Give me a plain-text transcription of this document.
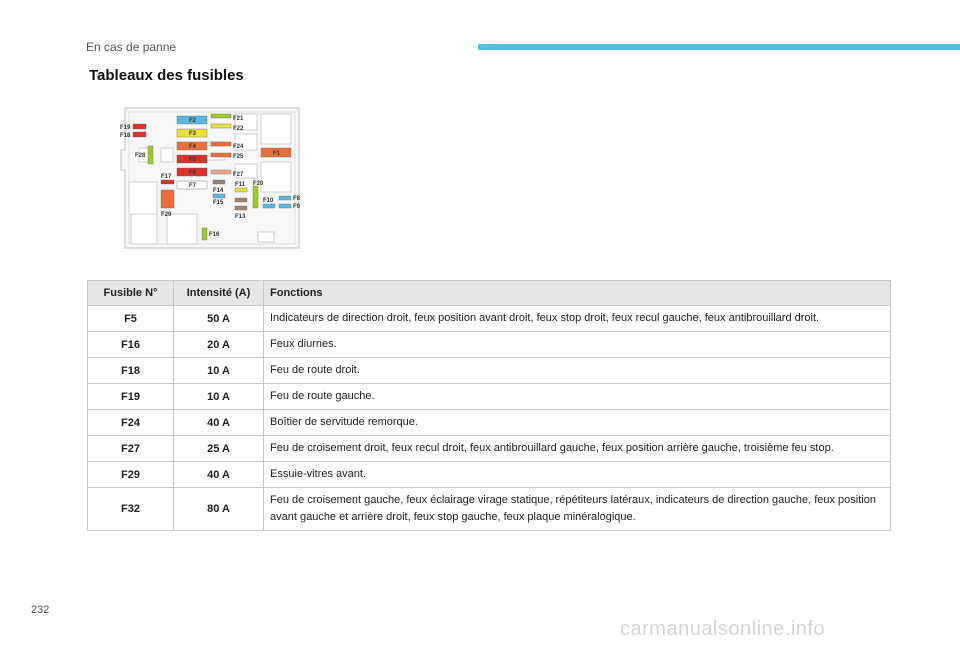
En cas de panne
Tableaux des fusibles
F19
F18
F28
F2
F3
F4
F5
F6
F7
F17
F29
F21
F22
F24
F25
F27
F1
F14
F15
F11
F13
F20
F10	F8
F9
F16
Fusible N°	Intensité (A)	Fonctions
F5	50 A	Indicateurs de direction droit, feux position avant droit, feux stop droit, feux recul gauche, feux antibrouillard droit.
F16	20 A	Feux diurnes.
F18	10 A	Feu de route droit.
F19	10 A	Feu de route gauche.
F24	40 A	Boîtier de servitude remorque.
F27	25 A	Feu de croisement droit, feux recul droit, feux antibrouillard gauche, feux position arrière gauche, troisième feu stop.
F29	40 A	Essuie-vitres avant.
F32	80 A	Feu de croisement gauche, feux éclairage virage statique, répétiteurs latéraux, indicateurs de direction gauche, feux position avant gauche et arrière droit, feux stop gauche, feux plaque minéralogique.
232
carmanualsonline.info
